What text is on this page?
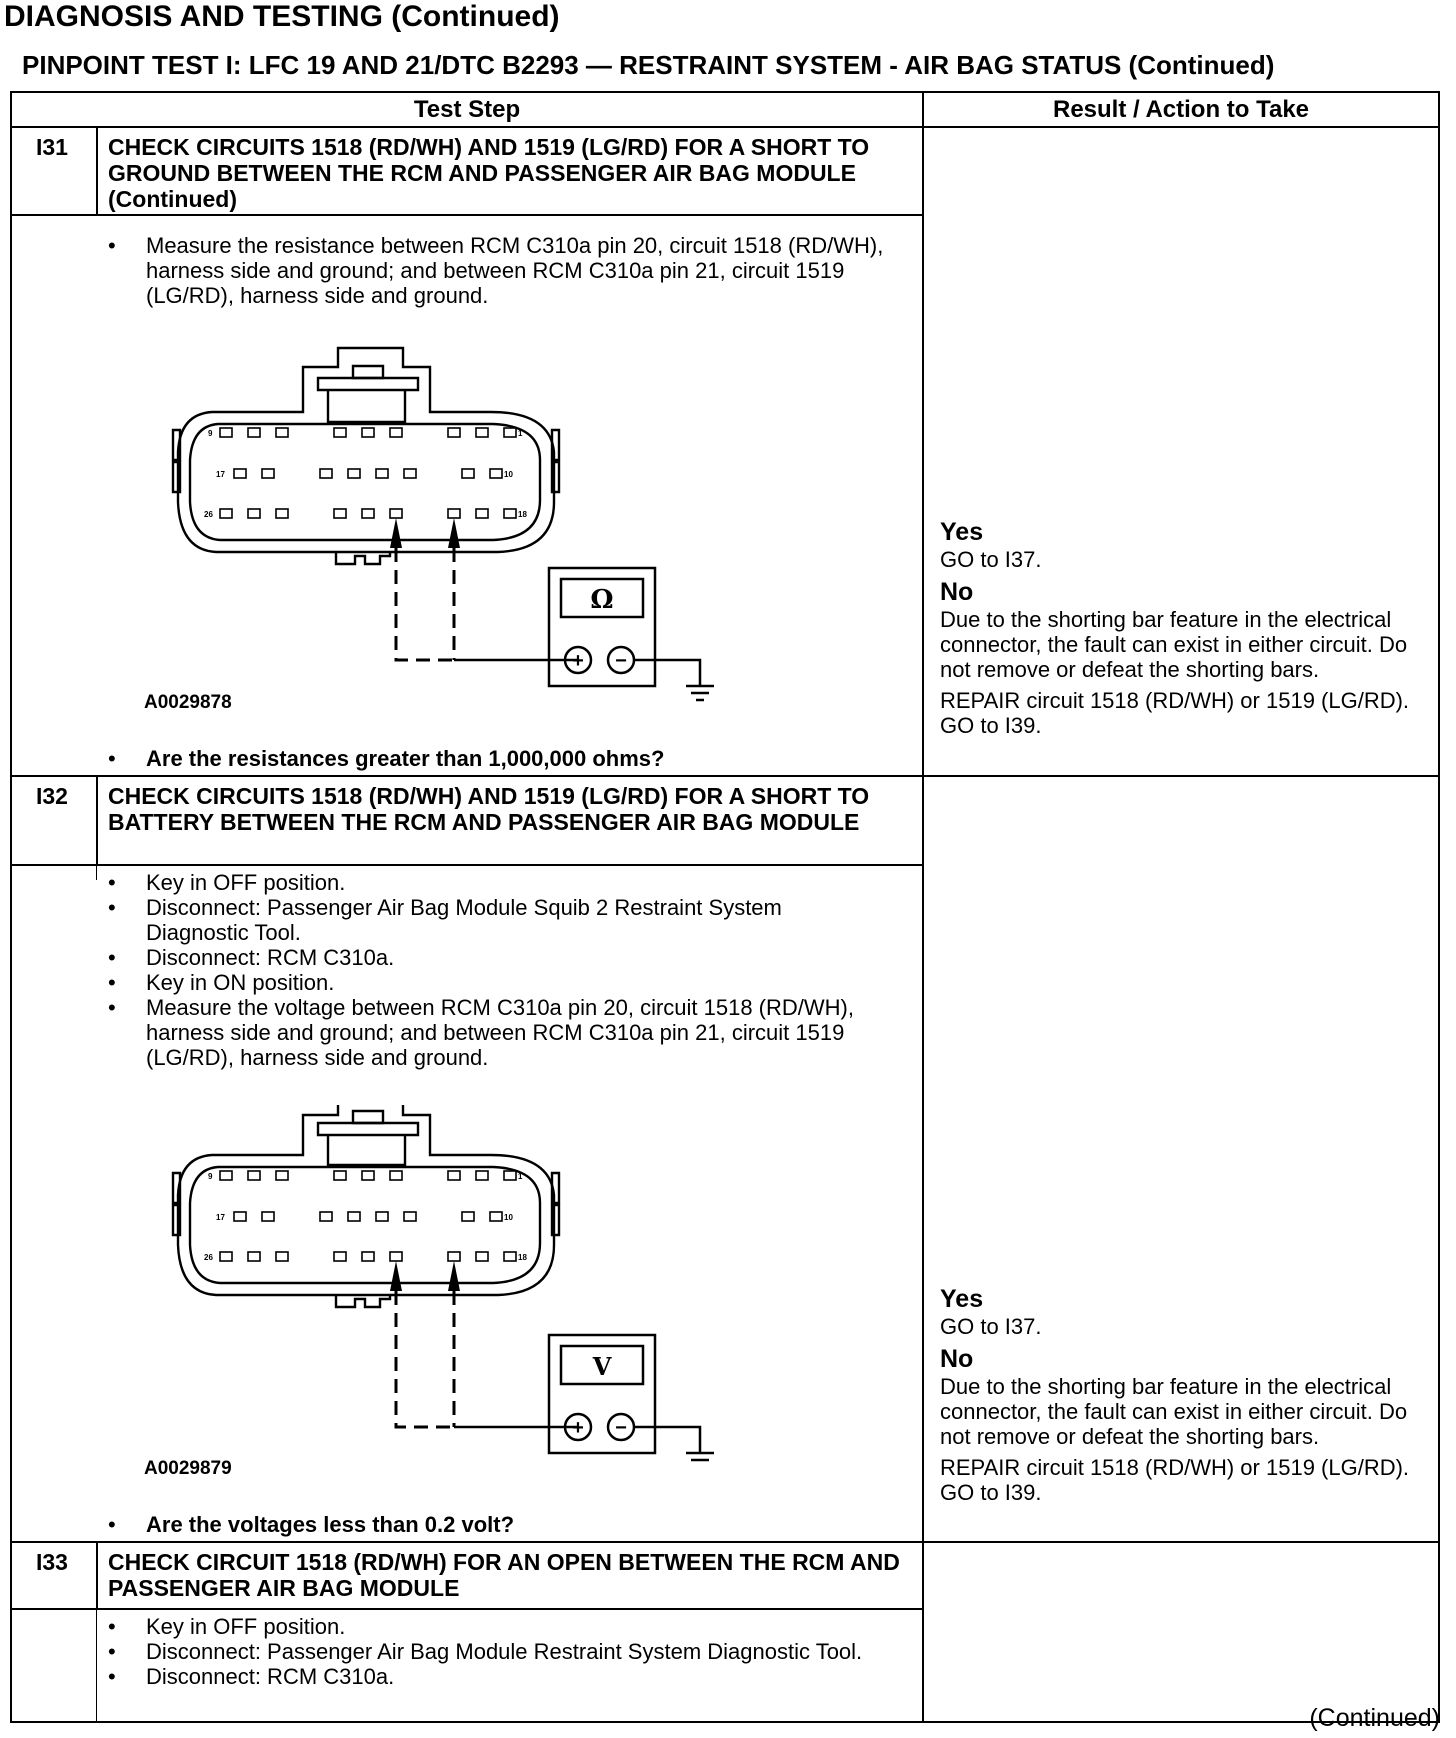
DIAGNOSIS AND TESTING (Continued)
PINPOINT TEST I: LFC 19 AND 21/DTC B2293 — RESTRAINT SYSTEM - AIR BAG STATUS (Continued)
Test Step	Result / Action to Take
I31 CHECK CIRCUITS 1518 (RD/WH) AND 1519 (LG/RD) FOR A SHORT TO GROUND BETWEEN THE RCM AND PASSENGER AIR BAG MODULE (Continued)
• Measure the resistance between RCM C310a pin 20, circuit 1518 (RD/WH), harness side and ground; and between RCM C310a pin 21, circuit 1519 (LG/RD), harness side and ground.
9	1
17	10
26	18
Ω
+ −
A0029878
• Are the resistances greater than 1,000,000 ohms?

Yes

GO to I37.

No

Due to the shorting bar feature in the electrical connector, the fault can exist in either circuit. Do not remove or defeat the shorting bars.

REPAIR circuit 1518 (RD/WH) or 1519 (LG/RD). GO to I39.

I32 CHECK CIRCUITS 1518 (RD/WH) AND 1519 (LG/RD) FOR A SHORT TO BATTERY BETWEEN THE RCM AND PASSENGER AIR BAG MODULE
• Key in OFF position.
• Disconnect: Passenger Air Bag Module Squib 2 Restraint System Diagnostic Tool.
• Disconnect: RCM C310a.
• Key in ON position.
• Measure the voltage between RCM C310a pin 20, circuit 1518 (RD/WH), harness side and ground; and between RCM C310a pin 21, circuit 1519 (LG/RD), harness side and ground.
9	1
17	10
26	18
V
+ −
A0029879
• Are the voltages less than 0.2 volt?

Yes

GO to I37.

No

Due to the shorting bar feature in the electrical connector, the fault can exist in either circuit. Do not remove or defeat the shorting bars.

REPAIR circuit 1518 (RD/WH) or 1519 (LG/RD). GO to I39.

I33 CHECK CIRCUIT 1518 (RD/WH) FOR AN OPEN BETWEEN THE RCM AND PASSENGER AIR BAG MODULE
• Key in OFF position.
• Disconnect: Passenger Air Bag Module Restraint System Diagnostic Tool.
• Disconnect: RCM C310a.
(Continued)
